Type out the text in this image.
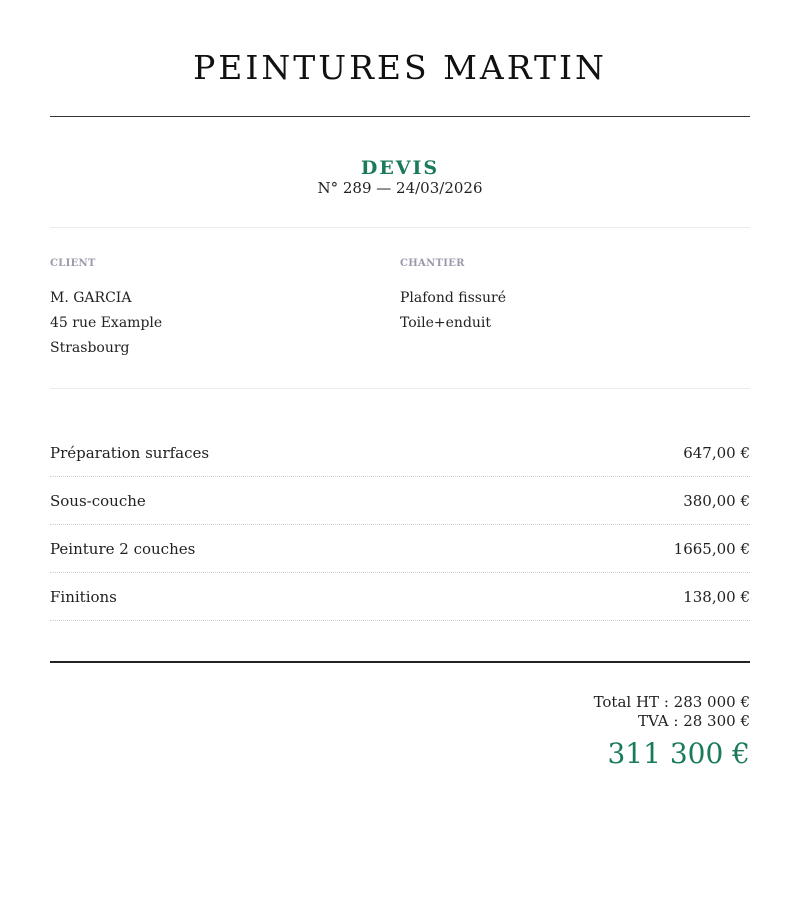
PEINTURES MARTIN
DEVIS
N° 289 — 24/03/2026
CLIENT
M. GARCIA
45 rue Example
Strasbourg
CHANTIER
Plafond fissuré
Toile+enduit
Préparation surfaces	647,00 €
Sous-couche	380,00 €
Peinture 2 couches	1665,00 €
Finitions	138,00 €
Total HT : 283 000 €
TVA : 28 300 €
311 300 €
